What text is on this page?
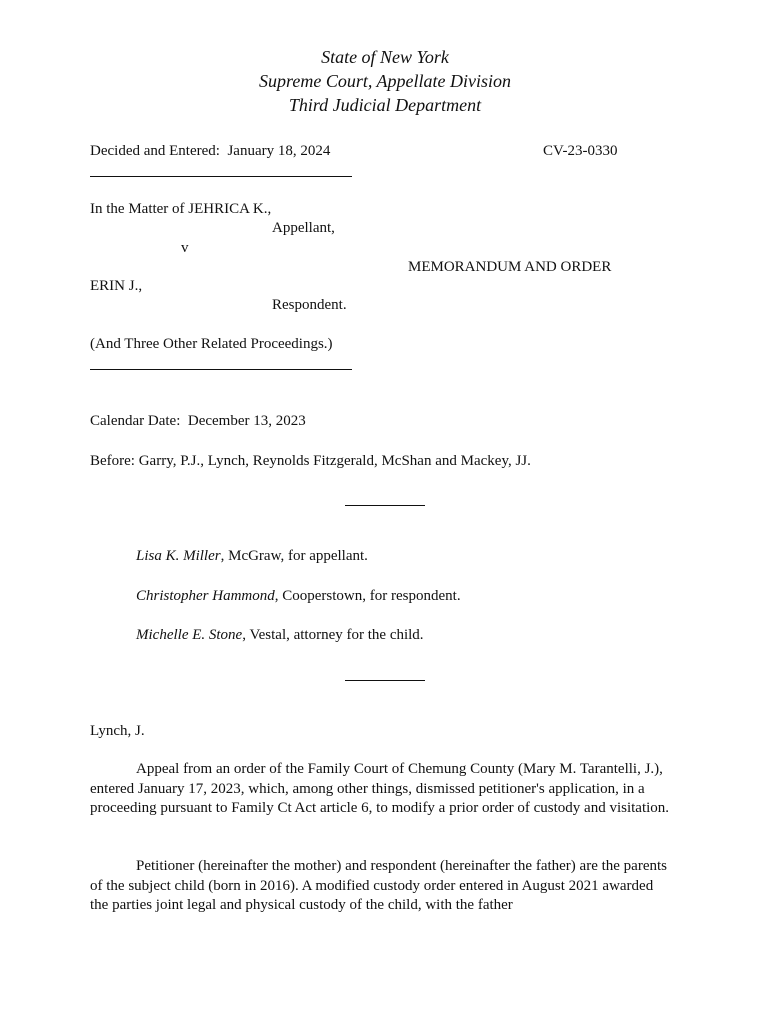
State of New York
Supreme Court, Appellate Division
Third Judicial Department
Decided and Entered: January 18, 2024	CV-23-0330
In the Matter of JEHRICA K.,
Appellant,
v
MEMORANDUM AND ORDER
ERIN J.,
Respondent.
(And Three Other Related Proceedings.)
Calendar Date: December 13, 2023
Before: Garry, P.J., Lynch, Reynolds Fitzgerald, McShan and Mackey, JJ.
Lisa K. Miller, McGraw, for appellant.
Christopher Hammond, Cooperstown, for respondent.
Michelle E. Stone, Vestal, attorney for the child.
Lynch, J.
Appeal from an order of the Family Court of Chemung County (Mary M. Tarantelli, J.), entered January 17, 2023, which, among other things, dismissed petitioner's application, in a proceeding pursuant to Family Ct Act article 6, to modify a prior order of custody and visitation.
Petitioner (hereinafter the mother) and respondent (hereinafter the father) are the parents of the subject child (born in 2016). A modified custody order entered in August 2021 awarded the parties joint legal and physical custody of the child, with the father
